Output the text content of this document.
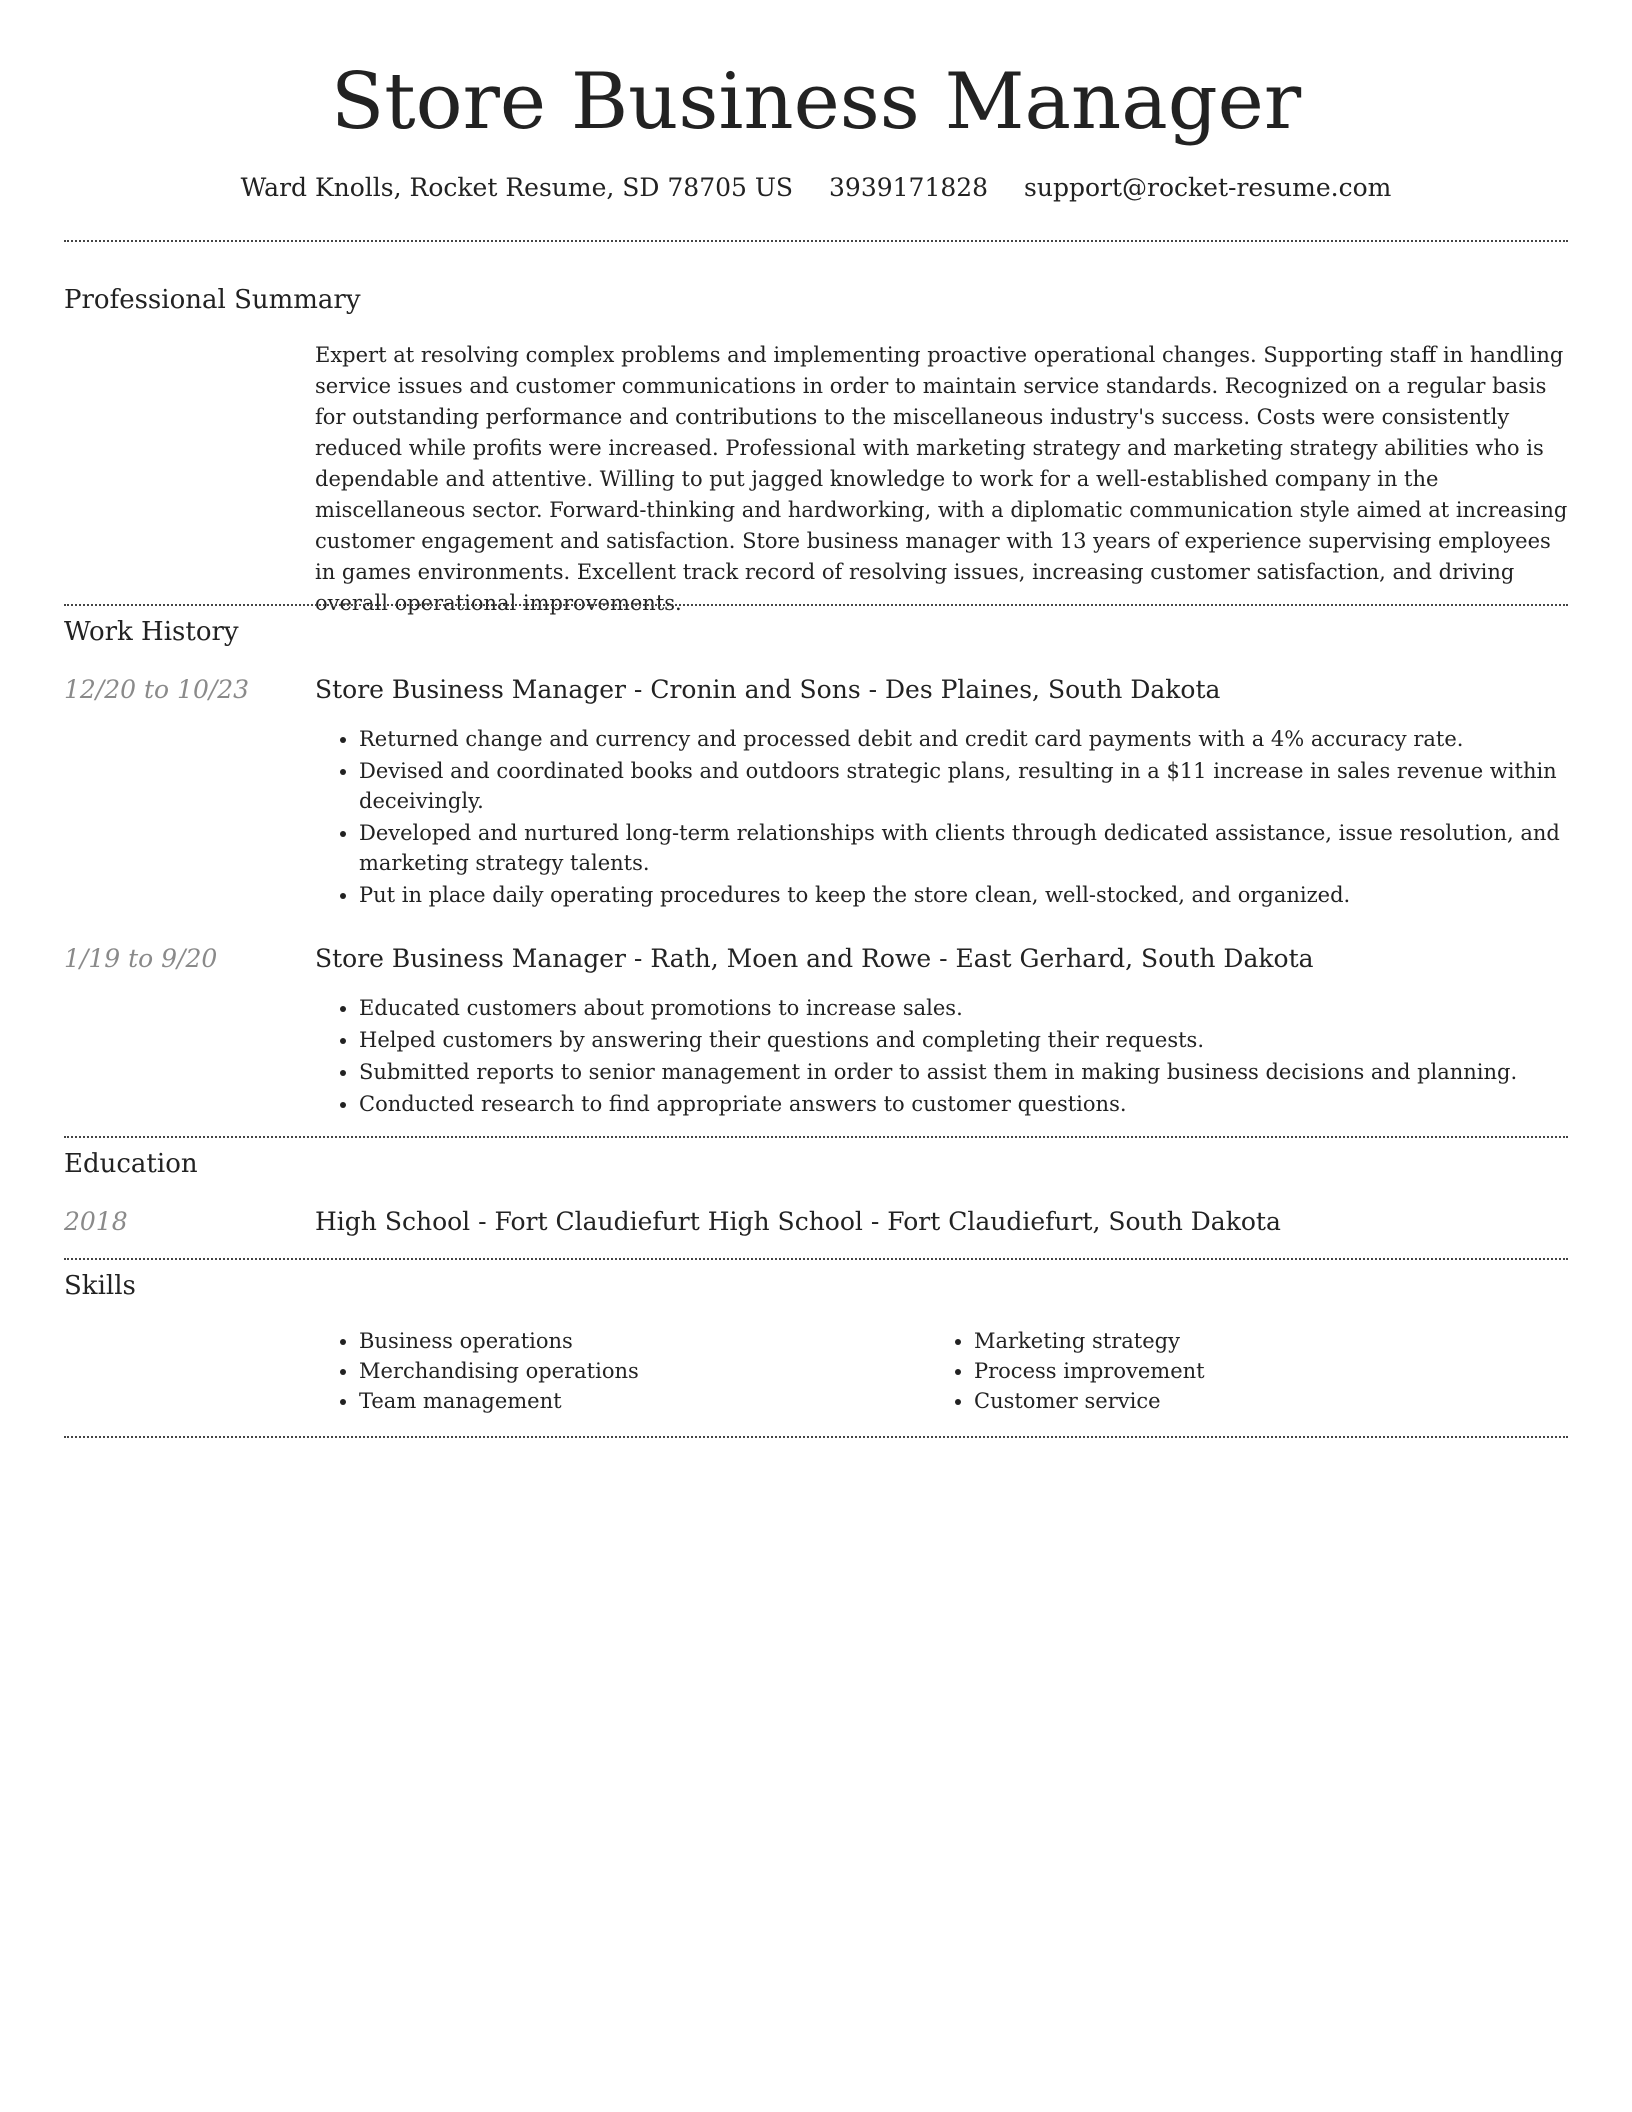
Store Business Manager
Ward Knolls, Rocket Resume, SD 78705 US 3939171828 support@rocket-resume.com
Professional Summary

Expert at resolving complex problems and implementing proactive operational changes. Supporting staff in handling service issues and customer communications in order to maintain service standards. Recognized on a regular basis for outstanding performance and contributions to the miscellaneous industry's success. Costs were consistently reduced while profits were increased. Professional with marketing strategy and marketing strategy abilities who is dependable and attentive. Willing to put jagged knowledge to work for a well-established company in the miscellaneous sector. Forward-thinking and hardworking, with a diplomatic communication style aimed at increasing customer engagement and satisfaction. Store business manager with 13 years of experience supervising employees in games environments. Excellent track record of resolving issues, increasing customer satisfaction, and driving overall operational improvements.

Work History
12/20 to 10/23	Store Business Manager - Cronin and Sons - Des Plaines, South Dakota
• Returned change and currency and processed debit and credit card payments with a 4% accuracy rate.
• Devised and coordinated books and outdoors strategic plans, resulting in a $11 increase in sales revenue within deceivingly.
• Developed and nurtured long-term relationships with clients through dedicated assistance, issue resolution, and marketing strategy talents.
• Put in place daily operating procedures to keep the store clean, well-stocked, and organized.
1/19 to 9/20	Store Business Manager - Rath, Moen and Rowe - East Gerhard, South Dakota
• Educated customers about promotions to increase sales.
• Helped customers by answering their questions and completing their requests.
• Submitted reports to senior management in order to assist them in making business decisions and planning.
• Conducted research to find appropriate answers to customer questions.
Education
2018	High School - Fort Claudiefurt High School - Fort Claudiefurt, South Dakota
Skills
• Business operations
• Merchandising operations
• Team management
• Marketing strategy
• Process improvement
• Customer service
